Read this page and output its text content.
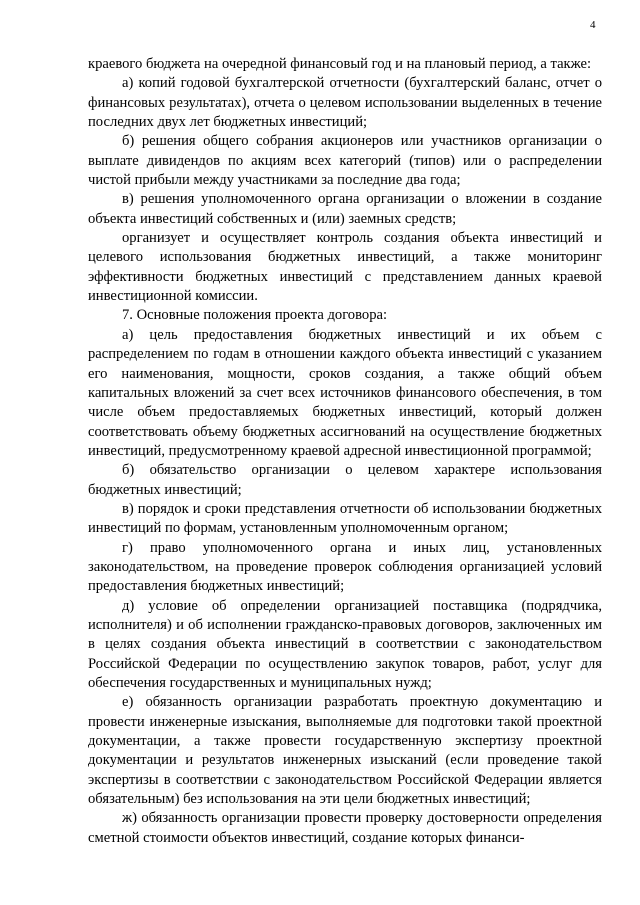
4

краевого бюджета на очередной финансовый год и на плановый период, а также:

а) копий годовой бухгалтерской отчетности (бухгалтерский баланс, отчет о финансовых результатах), отчета о целевом использовании выделенных в течение последних двух лет бюджетных инвестиций;

б) решения общего собрания акционеров или участников организации о выплате дивидендов по акциям всех категорий (типов) или о распределении чистой прибыли между участниками за последние два года;

в) решения уполномоченного органа организации о вложении в создание объекта инвестиций собственных и (или) заемных средств;

организует и осуществляет контроль создания объекта инвестиций и целевого использования бюджетных инвестиций, а также мониторинг эффективности бюджетных инвестиций с представлением данных краевой инвестиционной комиссии.

7. Основные положения проекта договора:

а) цель предоставления бюджетных инвестиций и их объем с распределением по годам в отношении каждого объекта инвестиций с указанием его наименования, мощности, сроков создания, а также общий объем капитальных вложений за счет всех источников финансового обеспечения, в том числе объем предоставляемых бюджетных инвестиций, который должен соответствовать объему бюджетных ассигнований на осуществление бюджетных инвестиций, предусмотренному краевой адресной инвестиционной программой;

б) обязательство организации о целевом характере использования бюджетных инвестиций;

в) порядок и сроки представления отчетности об использовании бюджетных инвестиций по формам, установленным уполномоченным органом;

г) право уполномоченного органа и иных лиц, установленных законодательством, на проведение проверок соблюдения организацией условий предоставления бюджетных инвестиций;

д) условие об определении организацией поставщика (подрядчика, исполнителя) и об исполнении гражданско-правовых договоров, заключенных им в целях создания объекта инвестиций в соответствии с законодательством Российской Федерации по осуществлению закупок товаров, работ, услуг для обеспечения государственных и муниципальных нужд;

е) обязанность организации разработать проектную документацию и провести инженерные изыскания, выполняемые для подготовки такой проектной документации, а также провести государственную экспертизу проектной документации и результатов инженерных изысканий (если проведение такой экспертизы в соответствии с законодательством Российской Федерации является обязательным) без использования на эти цели бюджетных инвестиций;

ж) обязанность организации провести проверку достоверности определения сметной стоимости объектов инвестиций, создание которых финанси-
